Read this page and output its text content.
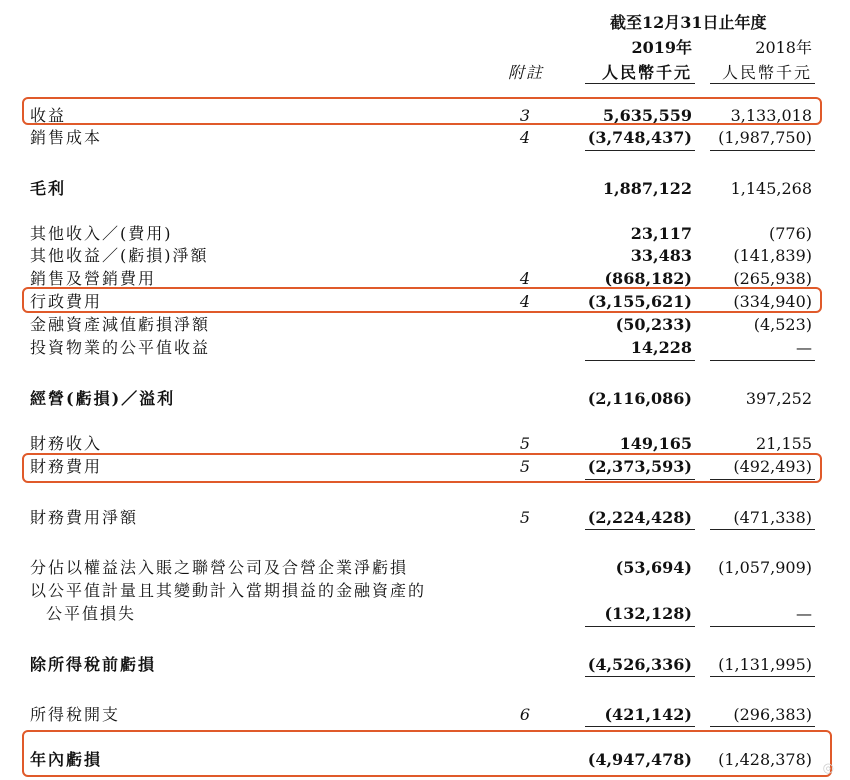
截至12月31日止年度
2019年	2018年
附註	人民幣千元 人民幣千元
收益	3	5,635,559 3,133,018
銷售成本	4	(3,748,437) (1,987,750)
毛利	1,887,122 1,145,268
其他收入／(費用)	23,117	(776)
其他收益／(虧損)淨額	33,483	(141,839)
銷售及營銷費用	4	(868,182)	(265,938)
行政費用	4	(3,155,621)	(334,940)
金融資產減值虧損淨額	(50,233)	(4,523)
投資物業的公平值收益	14,228	—
經營(虧損)／溢利	(2,116,086)	397,252
財務收入	5	149,165	21,155
財務費用	5	(2,373,593)	(492,493)
財務費用淨額	5	(2,224,428)	(471,338)
分佔以權益法入賬之聯營公司及合營企業淨虧損	(53,694) (1,057,909)
以公平值計量且其變動計入當期損益的金融資產的
公平值損失	(132,128)	—
除所得稅前虧損	(4,526,336) (1,131,995)
所得稅開支	6	(421,142)	(296,383)
年內虧損	(4,947,478) (1,428,378) ◎
